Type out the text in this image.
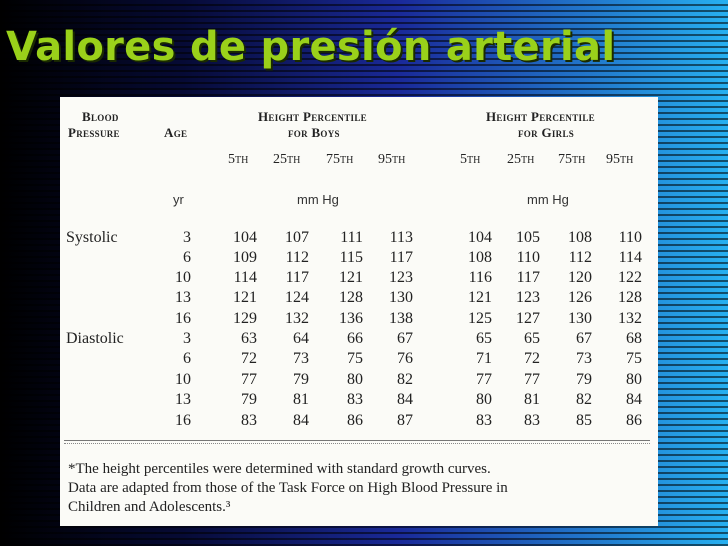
Valores de presión arterial
Blood
Pressure	Age
Height Percentile
for Boys
Height Percentile
for Girls
5th 25th 75th 95th	5th 25th 75th 95th
yr	mm Hg	mm Hg
Systolic	3	104	107	111	113	104	105	108	110
6	109	112	115	117	108	110	112	114
10	114	117	121	123	116	117	120	122
13	121	124	128	130	121	123	126	128
16	129	132	136	138	125	127	130	132
Diastolic	3	63	64	66	67	65	65	67	68
6	72	73	75	76	71	72	73	75
10	77	79	80	82	77	77	79	80
13	79	81	83	84	80	81	82	84
16	83	84	86	87	83	83	85	86

*The height percentiles were determined with standard growth curves.

Data are adapted from those of the Task Force on High Blood Pressure in

Children and Adolescents.³
